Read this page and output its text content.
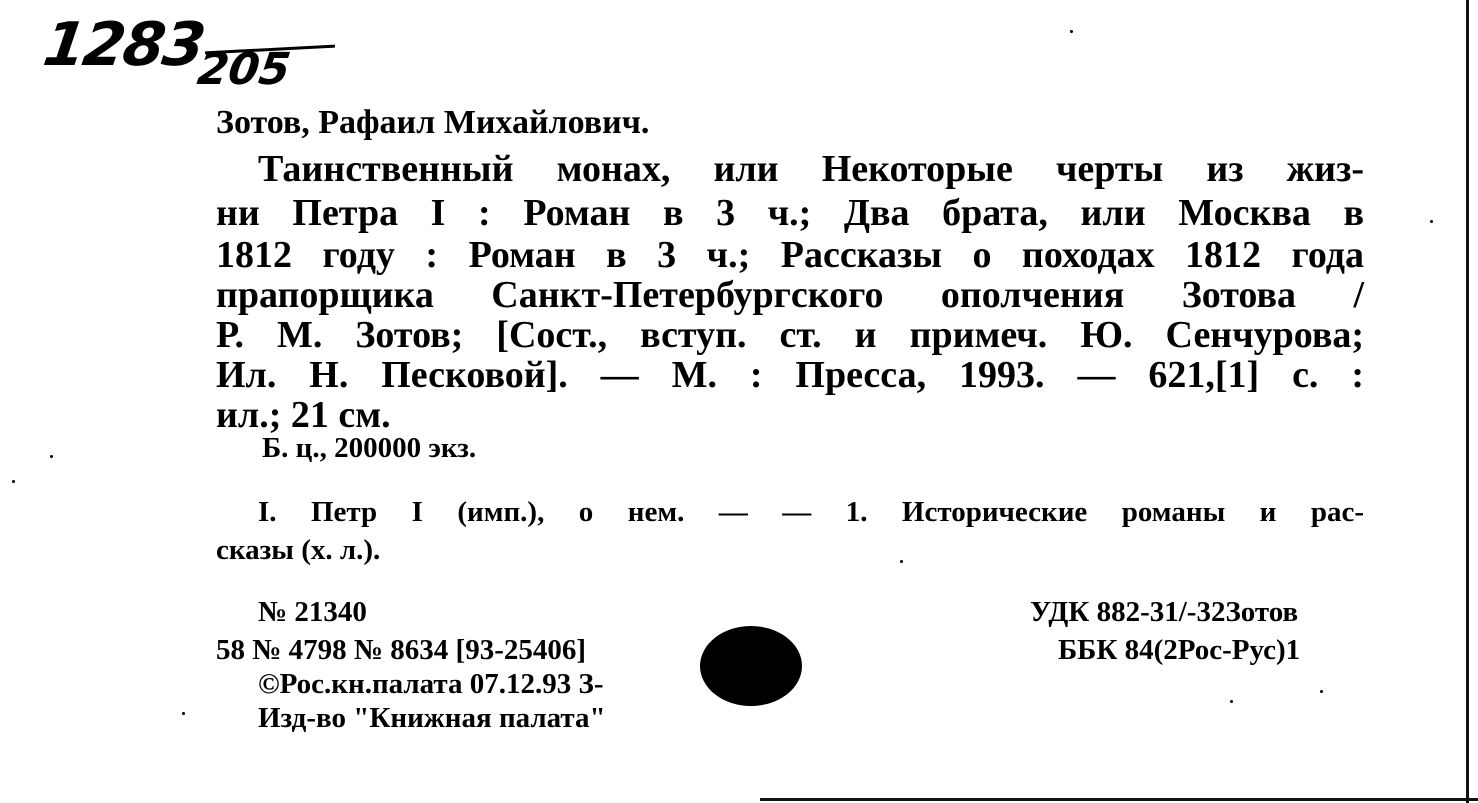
1283
205
Зотов, Рафаил Михайлович.
Таинственный монах, или Некоторые черты из жиз-
ни Петра I : Роман в 3 ч.; Два брата, или Москва в
1812 году : Роман в 3 ч.; Рассказы о походах 1812 года
прапорщика Санкт-Петербургского ополчения Зотова /
Р. М. Зотов; [Сост., вступ. ст. и примеч. Ю. Сенчурова;
Ил. Н. Песковой]. — М. : Пресса, 1993. — 621,[1] с. :
ил.; 21 см.
Б. ц., 200000 экз.
I. Петр I (имп.), о нем. — — 1. Исторические романы и рас-
сказы (х. л.).
№ 21340
58 № 4798 № 8634 [93-25406]
©Рос.кн.палата 07.12.93 З-
Изд-во "Книжная палата"
УДК 882-31/-32Зотов
ББК 84(2Рос-Рус)1
